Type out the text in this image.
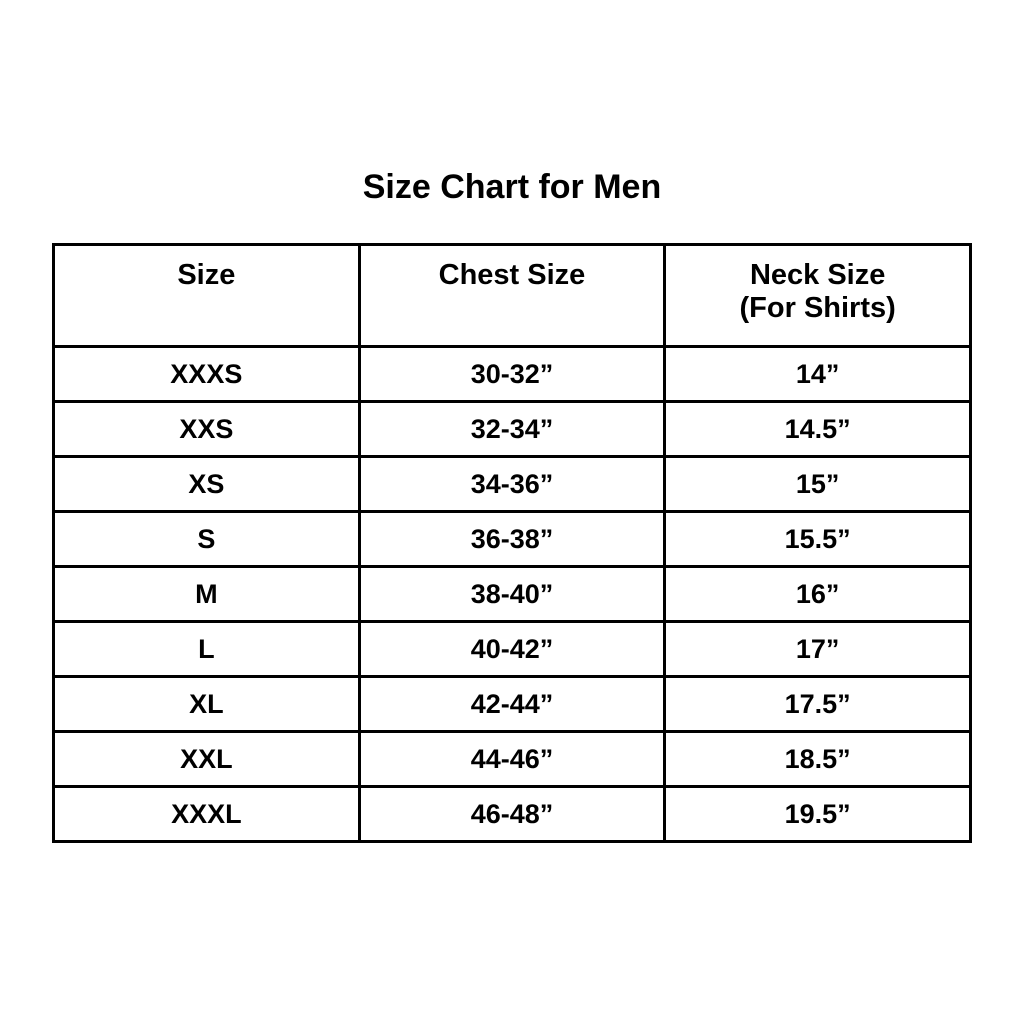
Size Chart for Men
Size	Chest Size	Neck Size
(For Shirts)

XXXS	30-32”	14”
XXS	32-34”	14.5”
XS	34-36”	15”
S	36-38”	15.5”
M	38-40”	16”
L	40-42”	17”
XL	42-44”	17.5”
XXL	44-46”	18.5”
XXXL	46-48”	19.5”
